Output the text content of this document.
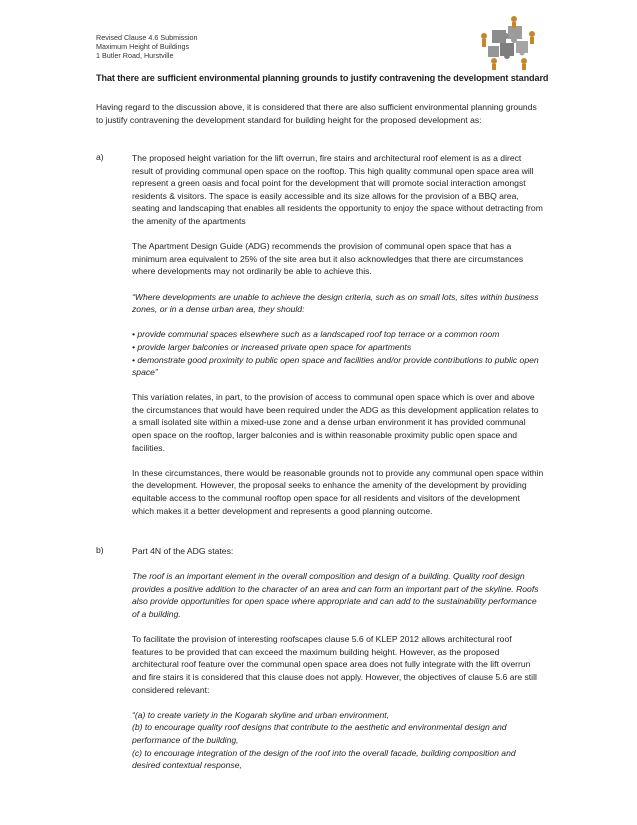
Revised Clause 4.6 Submission
Maximum Height of Buildings
1 Butler Road, Hurstville
That there are sufficient environmental planning grounds to justify contravening the development standard

Having regard to the discussion above, it is considered that there are also sufficient environmental planning grounds to justify contravening the development standard for building height for the proposed development as:

a)	The proposed height variation for the lift overrun, fire stairs and architectural roof element is as a direct result of providing communal open space on the rooftop. This high quality communal open space area will represent a green oasis and focal point for the development that will promote social interaction amongst residents & visitors. The space is easily accessible and its size allows for the provision of a BBQ area, seating and landscaping that enables all residents the opportunity to enjoy the space without detracting from the amenity of the apartments

The Apartment Design Guide (ADG) recommends the provision of communal open space that has a minimum area equivalent to 25% of the site area but it also acknowledges that there are circumstances where developments may not ordinarily be able to achieve this.

“Where developments are unable to achieve the design criteria, such as on small lots, sites within business zones, or in a dense urban area, they should:

• provide communal spaces elsewhere such as a landscaped roof top terrace or a common room

• provide larger balconies or increased private open space for apartments

• demonstrate good proximity to public open space and facilities and/or provide contributions to public open space”

This variation relates, in part, to the provision of access to communal open space which is over and above the circumstances that would have been required under the ADG as this development application relates to a small isolated site within a mixed-use zone and a dense urban environment it has provided communal open space on the rooftop, larger balconies and is within reasonable proximity public open space and facilities.

In these circumstances, there would be reasonable grounds not to provide any communal open space within the development. However, the proposal seeks to enhance the amenity of the development by providing equitable access to the communal rooftop open space for all residents and visitors of the development which makes it a better development and represents a good planning outcome.

b)	Part 4N of the ADG states:

The roof is an important element in the overall composition and design of a building. Quality roof design provides a positive addition to the character of an area and can form an important part of the skyline. Roofs also provide opportunities for open space where appropriate and can add to the sustainability performance of a building.

To facilitate the provision of interesting roofscapes clause 5.6 of KLEP 2012 allows architectural roof features to be provided that can exceed the maximum building height. However, as the proposed architectural roof feature over the communal open space area does not fully integrate with the lift overrun and fire stairs it is considered that this clause does not apply. However, the objectives of clause 5.6 are still considered relevant:

“(a) to create variety in the Kogarah skyline and urban environment,

(b) to encourage quality roof designs that contribute to the aesthetic and environmental design and performance of the building,

(c) to encourage integration of the design of the roof into the overall facade, building composition and desired contextual response,
